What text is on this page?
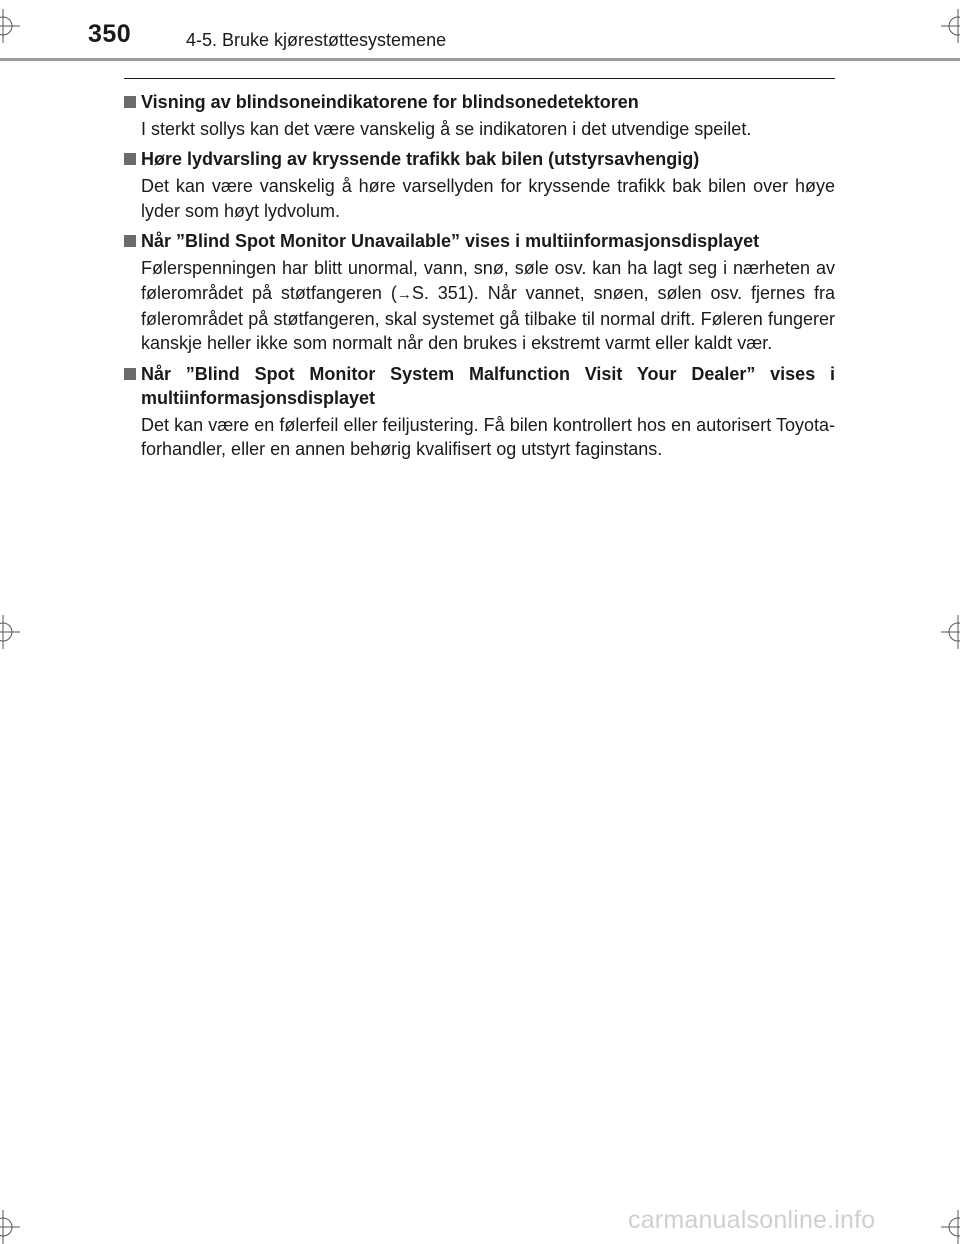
350	4-5. Bruke kjørestøttesystemene
Visning av blindsoneindikatorene for blindsonedetektoren
I sterkt sollys kan det være vanskelig å se indikatoren i det utvendige speilet.
Høre lydvarsling av kryssende trafikk bak bilen (utstyrsavhengig)
Det kan være vanskelig å høre varsellyden for kryssende trafikk bak bilen over høye lyder som høyt lydvolum.
Når ”Blind Spot Monitor Unavailable” vises i multiinformasjonsdisplayet
Følerspenningen har blitt unormal, vann, snø, søle osv. kan ha lagt seg i nærheten av følerområdet på støtfangeren (→S. 351). Når vannet, snøen, sølen osv. fjernes fra følerområdet på støtfangeren, skal systemet gå tilbake til normal drift. Føleren fungerer kanskje heller ikke som normalt når den brukes i ekstremt varmt eller kaldt vær.
Når ”Blind Spot Monitor System Malfunction Visit Your Dealer” vises i multiinformasjonsdisplayet
Det kan være en følerfeil eller feiljustering. Få bilen kontrollert hos en autorisert Toyota-forhandler, eller en annen behørig kvalifisert og utstyrt faginstans.
carmanualsonline.info
